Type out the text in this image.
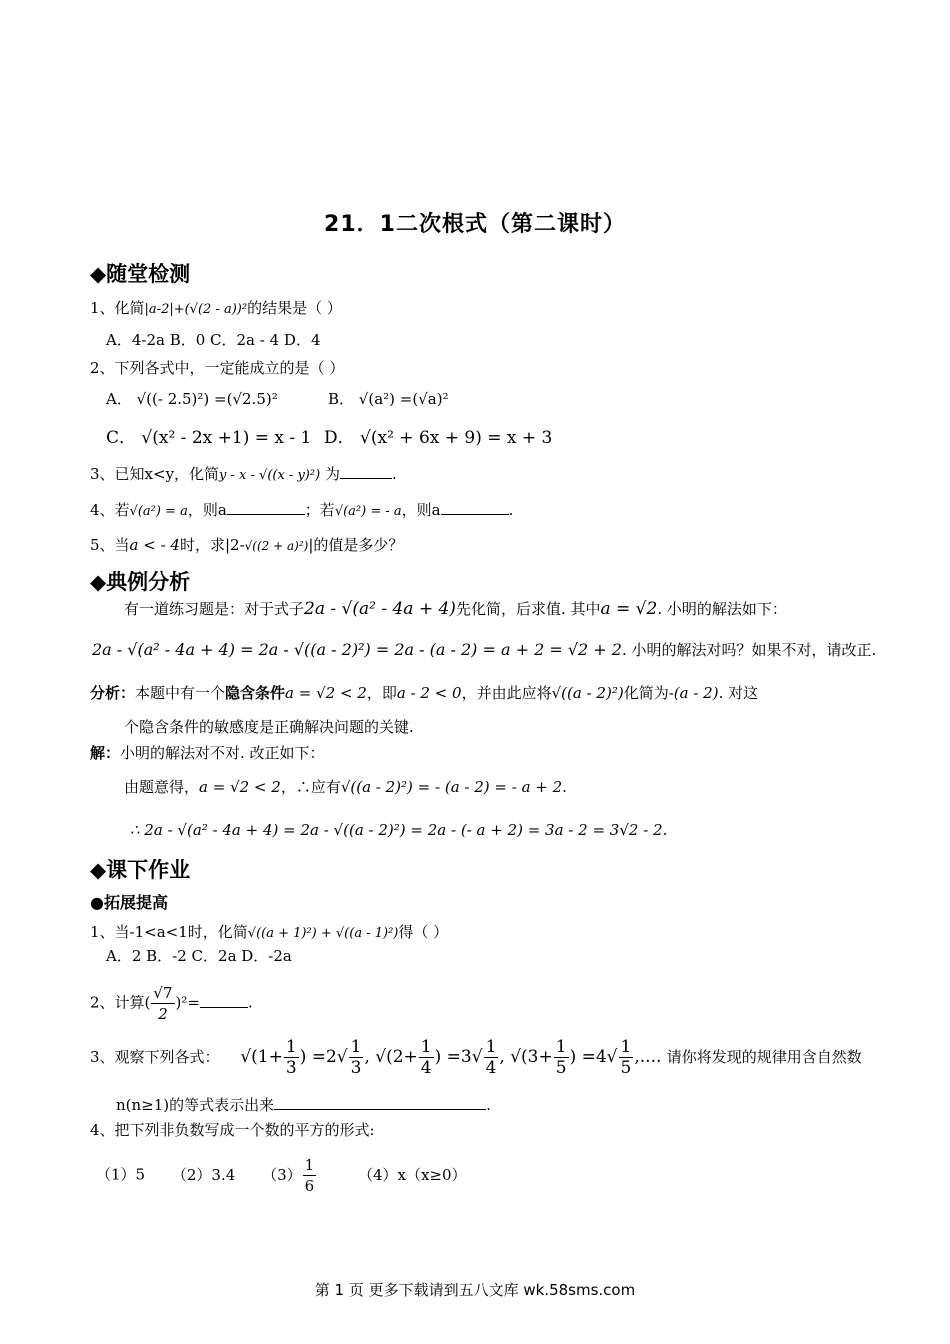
21．1二次根式（第二课时）
◆随堂检测
1、化简|a-2|+(√(2 - a))²的结果是（ ）
A．4-2a B．0 C．2a - 4 D．4
2、下列各式中，一定能成立的是（ ）
A． √((- 2.5)²) =(√2.5)²	B． √(a²) =(√a)²
C． √(x² - 2x +1) = x - 1 D． √(x² + 6x + 9) = x + 3
3、已知x<y，化简y - x - √((x - y)²) 为	.
4、若√(a²) = a，则a	；若√(a²) = - a，则a	.
5、当a < - 4时，求|2-√((2 + a)²)|的值是多少？
◆典例分析
有一道练习题是：对于式子2a - √(a² - 4a + 4)先化简，后求值. 其中a = √2. 小明的解法如下：
2a - √(a² - 4a + 4) = 2a - √((a - 2)²) = 2a - (a - 2) = a + 2 = √2 + 2. 小明的解法对吗？如果不对，请改正.
分析：本题中有一个隐含条件a = √2 < 2，即a - 2 < 0，并由此应将√((a - 2)²)化简为-(a - 2). 对这
个隐含条件的敏感度是正确解决问题的关键.
解：小明的解法对不对. 改正如下：
由题意得，a = √2 < 2，∴应有√((a - 2)²) = - (a - 2) = - a + 2.
∴ 2a - √(a² - 4a + 4) = 2a - √((a - 2)²) = 2a - (- a + 2) = 3a - 2 = 3√2 - 2.
◆课下作业
●拓展提高
1、当-1<a<1时，化简√((a + 1)²) + √((a - 1)²)得（ ）
A．2 B．-2 C．2a D．-2a
2、计算( $\frac{√7}{2} )^2=$	.
3、观察下列各式： $√(1+ \frac{1}{3}$ ) $=2√ \frac{1}{3}$ , $√(2+ \frac{1}{4}$ ) $=3√ \frac{1}{4}$ , $√(3+ \frac{1}{5}$ ) $=4√ \frac{1}{5}$ ,.... 请你将发现的规律用含自然数
n(n≥1)的等式表示出来	.
4、把下列非负数写成一个数的平方的形式:
（1）5 （2）3.4 $(3) \frac{1}{6}$	（4）x（x≥0）
第 1 页 更多下载请到五八文库 wk.58sms.com
